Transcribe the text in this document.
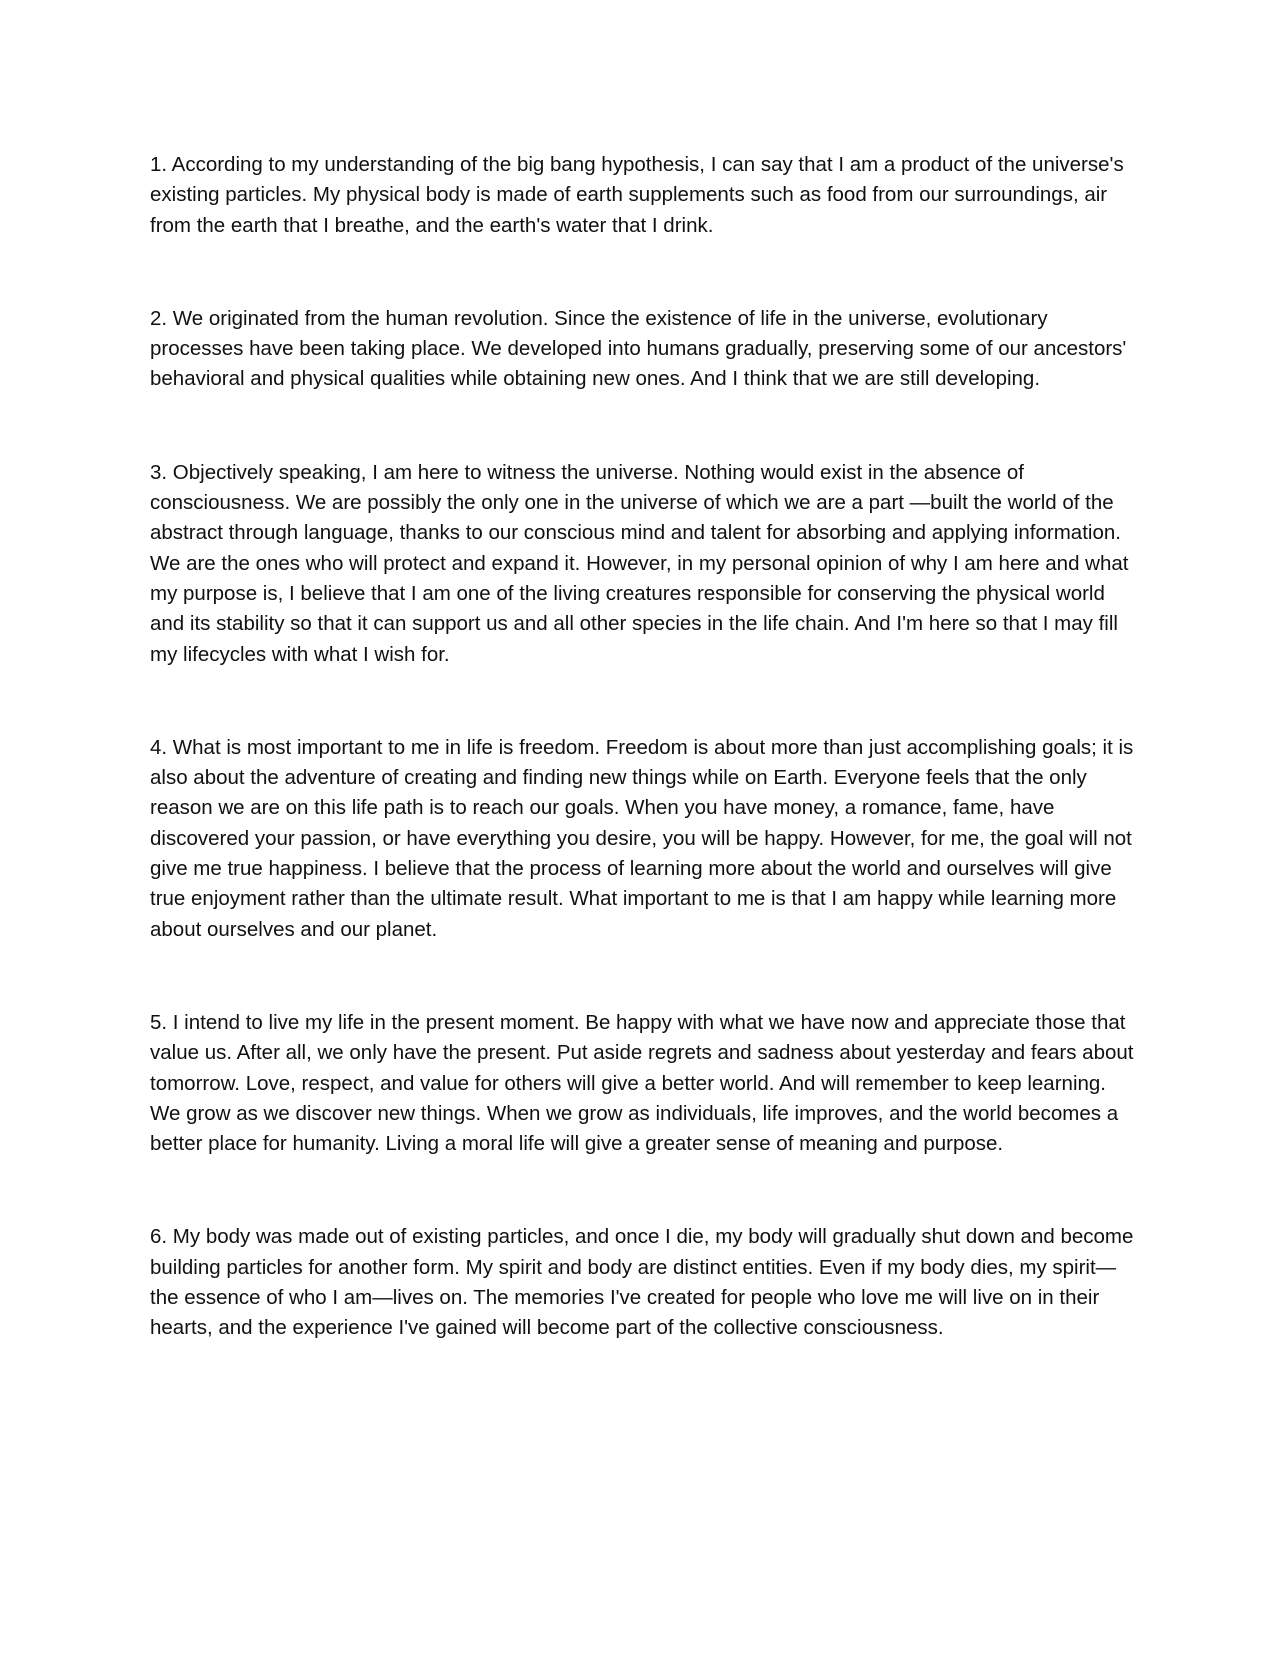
1. According to my understanding of the big bang hypothesis, I can say that I am a product of the universe's existing particles. My physical body is made of earth supplements such as food from our surroundings, air from the earth that I breathe, and the earth's water that I drink.

2. We originated from the human revolution. Since the existence of life in the universe, evolutionary processes have been taking place. We developed into humans gradually, preserving some of our ancestors' behavioral and physical qualities while obtaining new ones. And I think that we are still developing.

3. Objectively speaking, I am here to witness the universe. Nothing would exist in the absence of consciousness. We are possibly the only one in the universe of which we are a part —built the world of the abstract through language, thanks to our conscious mind and talent for absorbing and applying information. We are the ones who will protect and expand it. However, in my personal opinion of why I am here and what my purpose is, I believe that I am one of the living creatures responsible for conserving the physical world and its stability so that it can support us and all other species in the life chain. And I'm here so that I may fill my lifecycles with what I wish for.

4. What is most important to me in life is freedom. Freedom is about more than just accomplishing goals; it is also about the adventure of creating and finding new things while on Earth. Everyone feels that the only reason we are on this life path is to reach our goals. When you have money, a romance, fame, have discovered your passion, or have everything you desire, you will be happy. However, for me, the goal will not give me true happiness. I believe that the process of learning more about the world and ourselves will give true enjoyment rather than the ultimate result. What important to me is that I am happy while learning more about ourselves and our planet.

5. I intend to live my life in the present moment. Be happy with what we have now and appreciate those that value us. After all, we only have the present. Put aside regrets and sadness about yesterday and fears about tomorrow. Love, respect, and value for others will give a better world. And will remember to keep learning. We grow as we discover new things. When we grow as individuals, life improves, and the world becomes a better place for humanity. Living a moral life will give a greater sense of meaning and purpose.

6. My body was made out of existing particles, and once I die, my body will gradually shut down and become building particles for another form. My spirit and body are distinct entities. Even if my body dies, my spirit—the essence of who I am—lives on. The memories I've created for people who love me will live on in their hearts, and the experience I've gained will become part of the collective consciousness.
